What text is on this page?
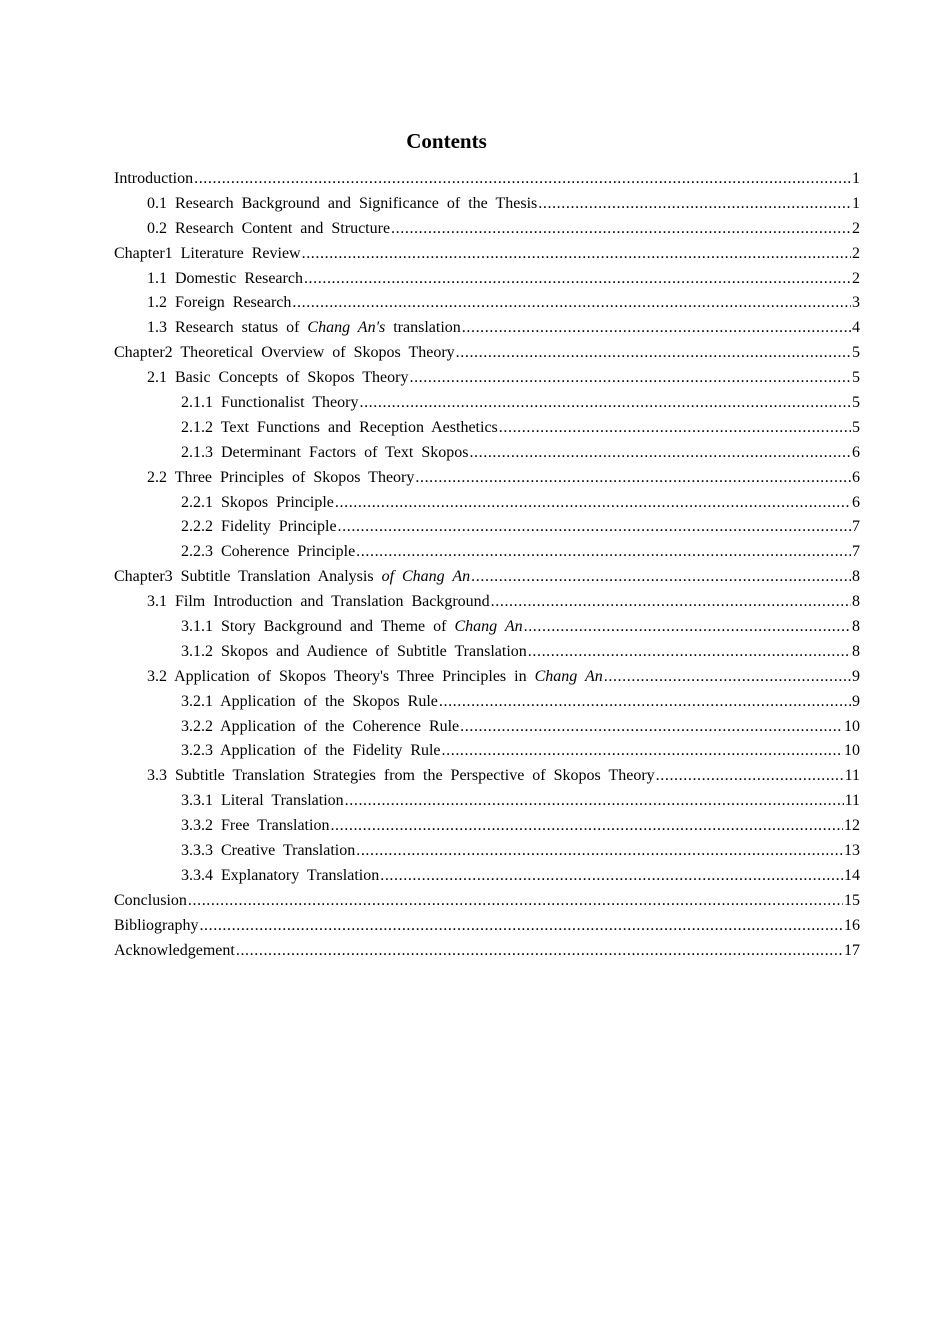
Contents
Introduction .....	1
0.1 Research Background and Significance of the Thesis .....	1
0.2 Research Content and Structure .....	2
Chapter1 Literature Review .....	2
1.1 Domestic Research .....	2
1.2 Foreign Research .....	3
1.3 Research status of Chang An's translation .....	4
Chapter2 Theoretical Overview of Skopos Theory .....	5
2.1 Basic Concepts of Skopos Theory .....	5
2.1.1 Functionalist Theory .....	5
2.1.2 Text Functions and Reception Aesthetics .....	5
2.1.3 Determinant Factors of Text Skopos .....	6
2.2 Three Principles of Skopos Theory .....	6
2.2.1 Skopos Principle .....	6
2.2.2 Fidelity Principle .....	7
2.2.3 Coherence Principle .....	7
Chapter3 Subtitle Translation Analysis of Chang An .....	8
3.1 Film Introduction and Translation Background .....	8
3.1.1 Story Background and Theme of Chang An .....	8
3.1.2 Skopos and Audience of Subtitle Translation .....	8
3.2 Application of Skopos Theory's Three Principles in Chang An .....	9
3.2.1 Application of the Skopos Rule .....	9
3.2.2 Application of the Coherence Rule .....	10
3.2.3 Application of the Fidelity Rule .....	10
3.3 Subtitle Translation Strategies from the Perspective of Skopos Theory .....	11
3.3.1 Literal Translation .....	11
3.3.2 Free Translation .....	12
3.3.3 Creative Translation .....	13
3.3.4 Explanatory Translation .....	14
Conclusion .....	15
Bibliography .....	16
Acknowledgement .....	17
